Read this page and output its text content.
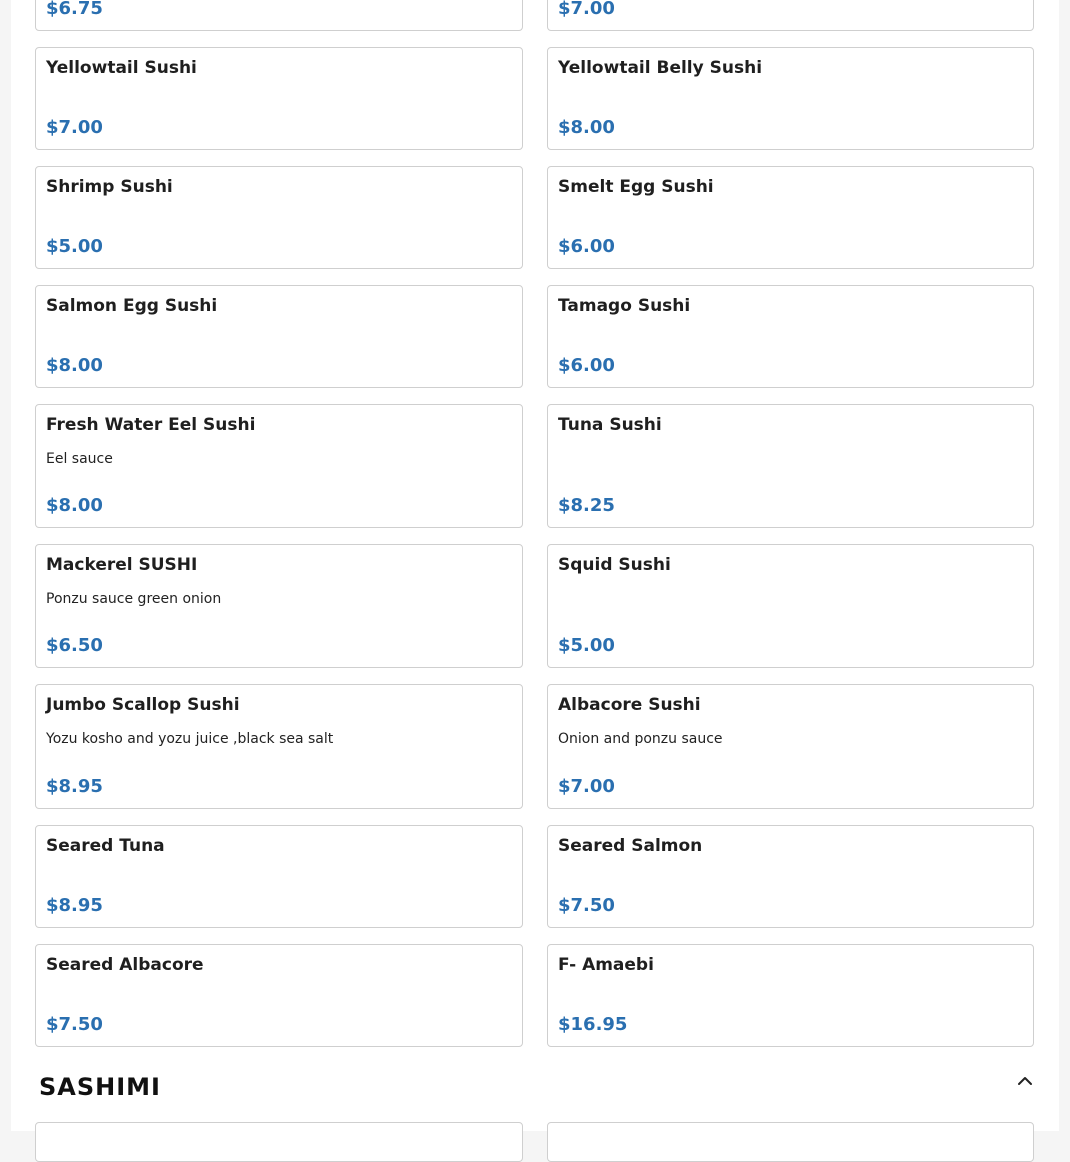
$6.75	$7.00
Yellowtail Sushi
$7.00
Yellowtail Belly Sushi
$8.00
Shrimp Sushi
$5.00
Smelt Egg Sushi
$6.00
Salmon Egg Sushi
$8.00
Tamago Sushi
$6.00
Fresh Water Eel Sushi
Eel sauce
$8.00
Tuna Sushi
$8.25
Mackerel SUSHI
Ponzu sauce green onion
$6.50
Squid Sushi
$5.00
Jumbo Scallop Sushi
Yozu kosho and yozu juice ,black sea salt
$8.95
Albacore Sushi
Onion and ponzu sauce
$7.00
Seared Tuna
$8.95
Seared Salmon
$7.50
Seared Albacore
$7.50
F- Amaebi
$16.95
SASHIMI
